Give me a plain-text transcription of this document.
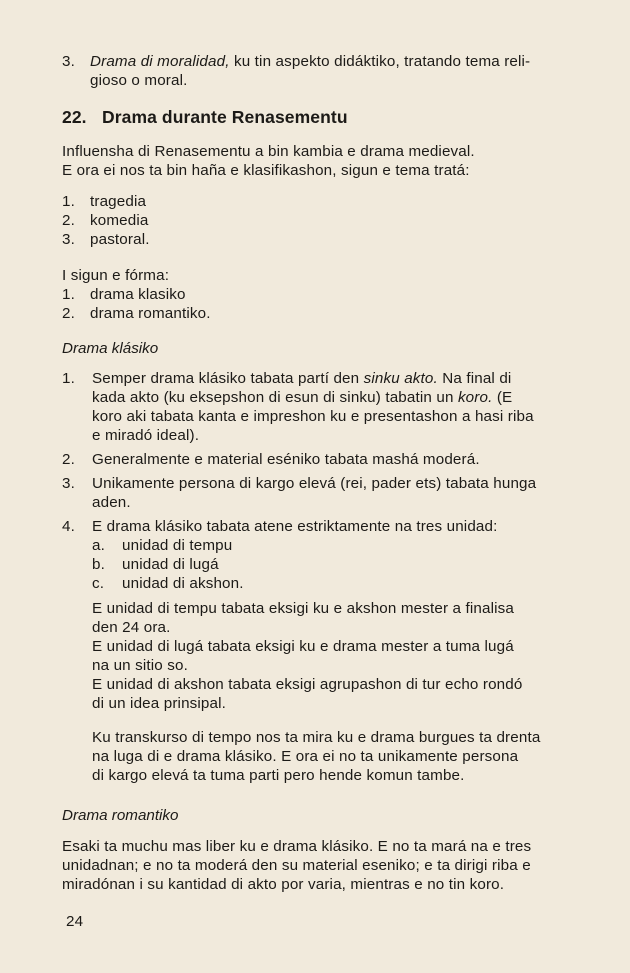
3. Drama di moralidad, ku tin aspekto didáktiko, tratando tema reli-
gioso o moral.
22. Drama durante Renasementu
Influensha di Renasementu a bin kambia e drama medieval.
E ora ei nos ta bin haña e klasifikashon, sigun e tema tratá:
1. tragedia
2. komedia
3. pastoral.
I sigun e fórma:
1. drama klasiko
2. drama romantiko.
Drama klásiko
1.	Semper drama klásiko tabata partí den sinku akto. Na final di
kada akto (ku eksepshon di esun di sinku) tabatin un koro. (E
koro aki tabata kanta e impreshon ku e presentashon a hasi riba
e miradó ideal).
2.	Generalmente e material eséniko tabata mashá moderá.
3.	Unikamente persona di kargo elevá (rei, pader ets) tabata hunga
aden.
4.	E drama klásiko tabata atene estriktamente na tres unidad:
a.	unidad di tempu
b.	unidad di lugá
c.	unidad di akshon.
E unidad di tempu tabata eksigi ku e akshon mester a finalisa
den 24 ora.
E unidad di lugá tabata eksigi ku e drama mester a tuma lugá
na un sitio so.
E unidad di akshon tabata eksigi agrupashon di tur echo rondó
di un idea prinsipal.
Ku transkurso di tempo nos ta mira ku e drama burgues ta drenta
na luga di e drama klásiko. E ora ei no ta unikamente persona
di kargo elevá ta tuma parti pero hende komun tambe.
Drama romantiko
Esaki ta muchu mas liber ku e drama klásiko. E no ta mará na e tres
unidadnan; e no ta moderá den su material eseniko; e ta dirigi riba e
miradónan i su kantidad di akto por varia, mientras e no tin koro.
24
